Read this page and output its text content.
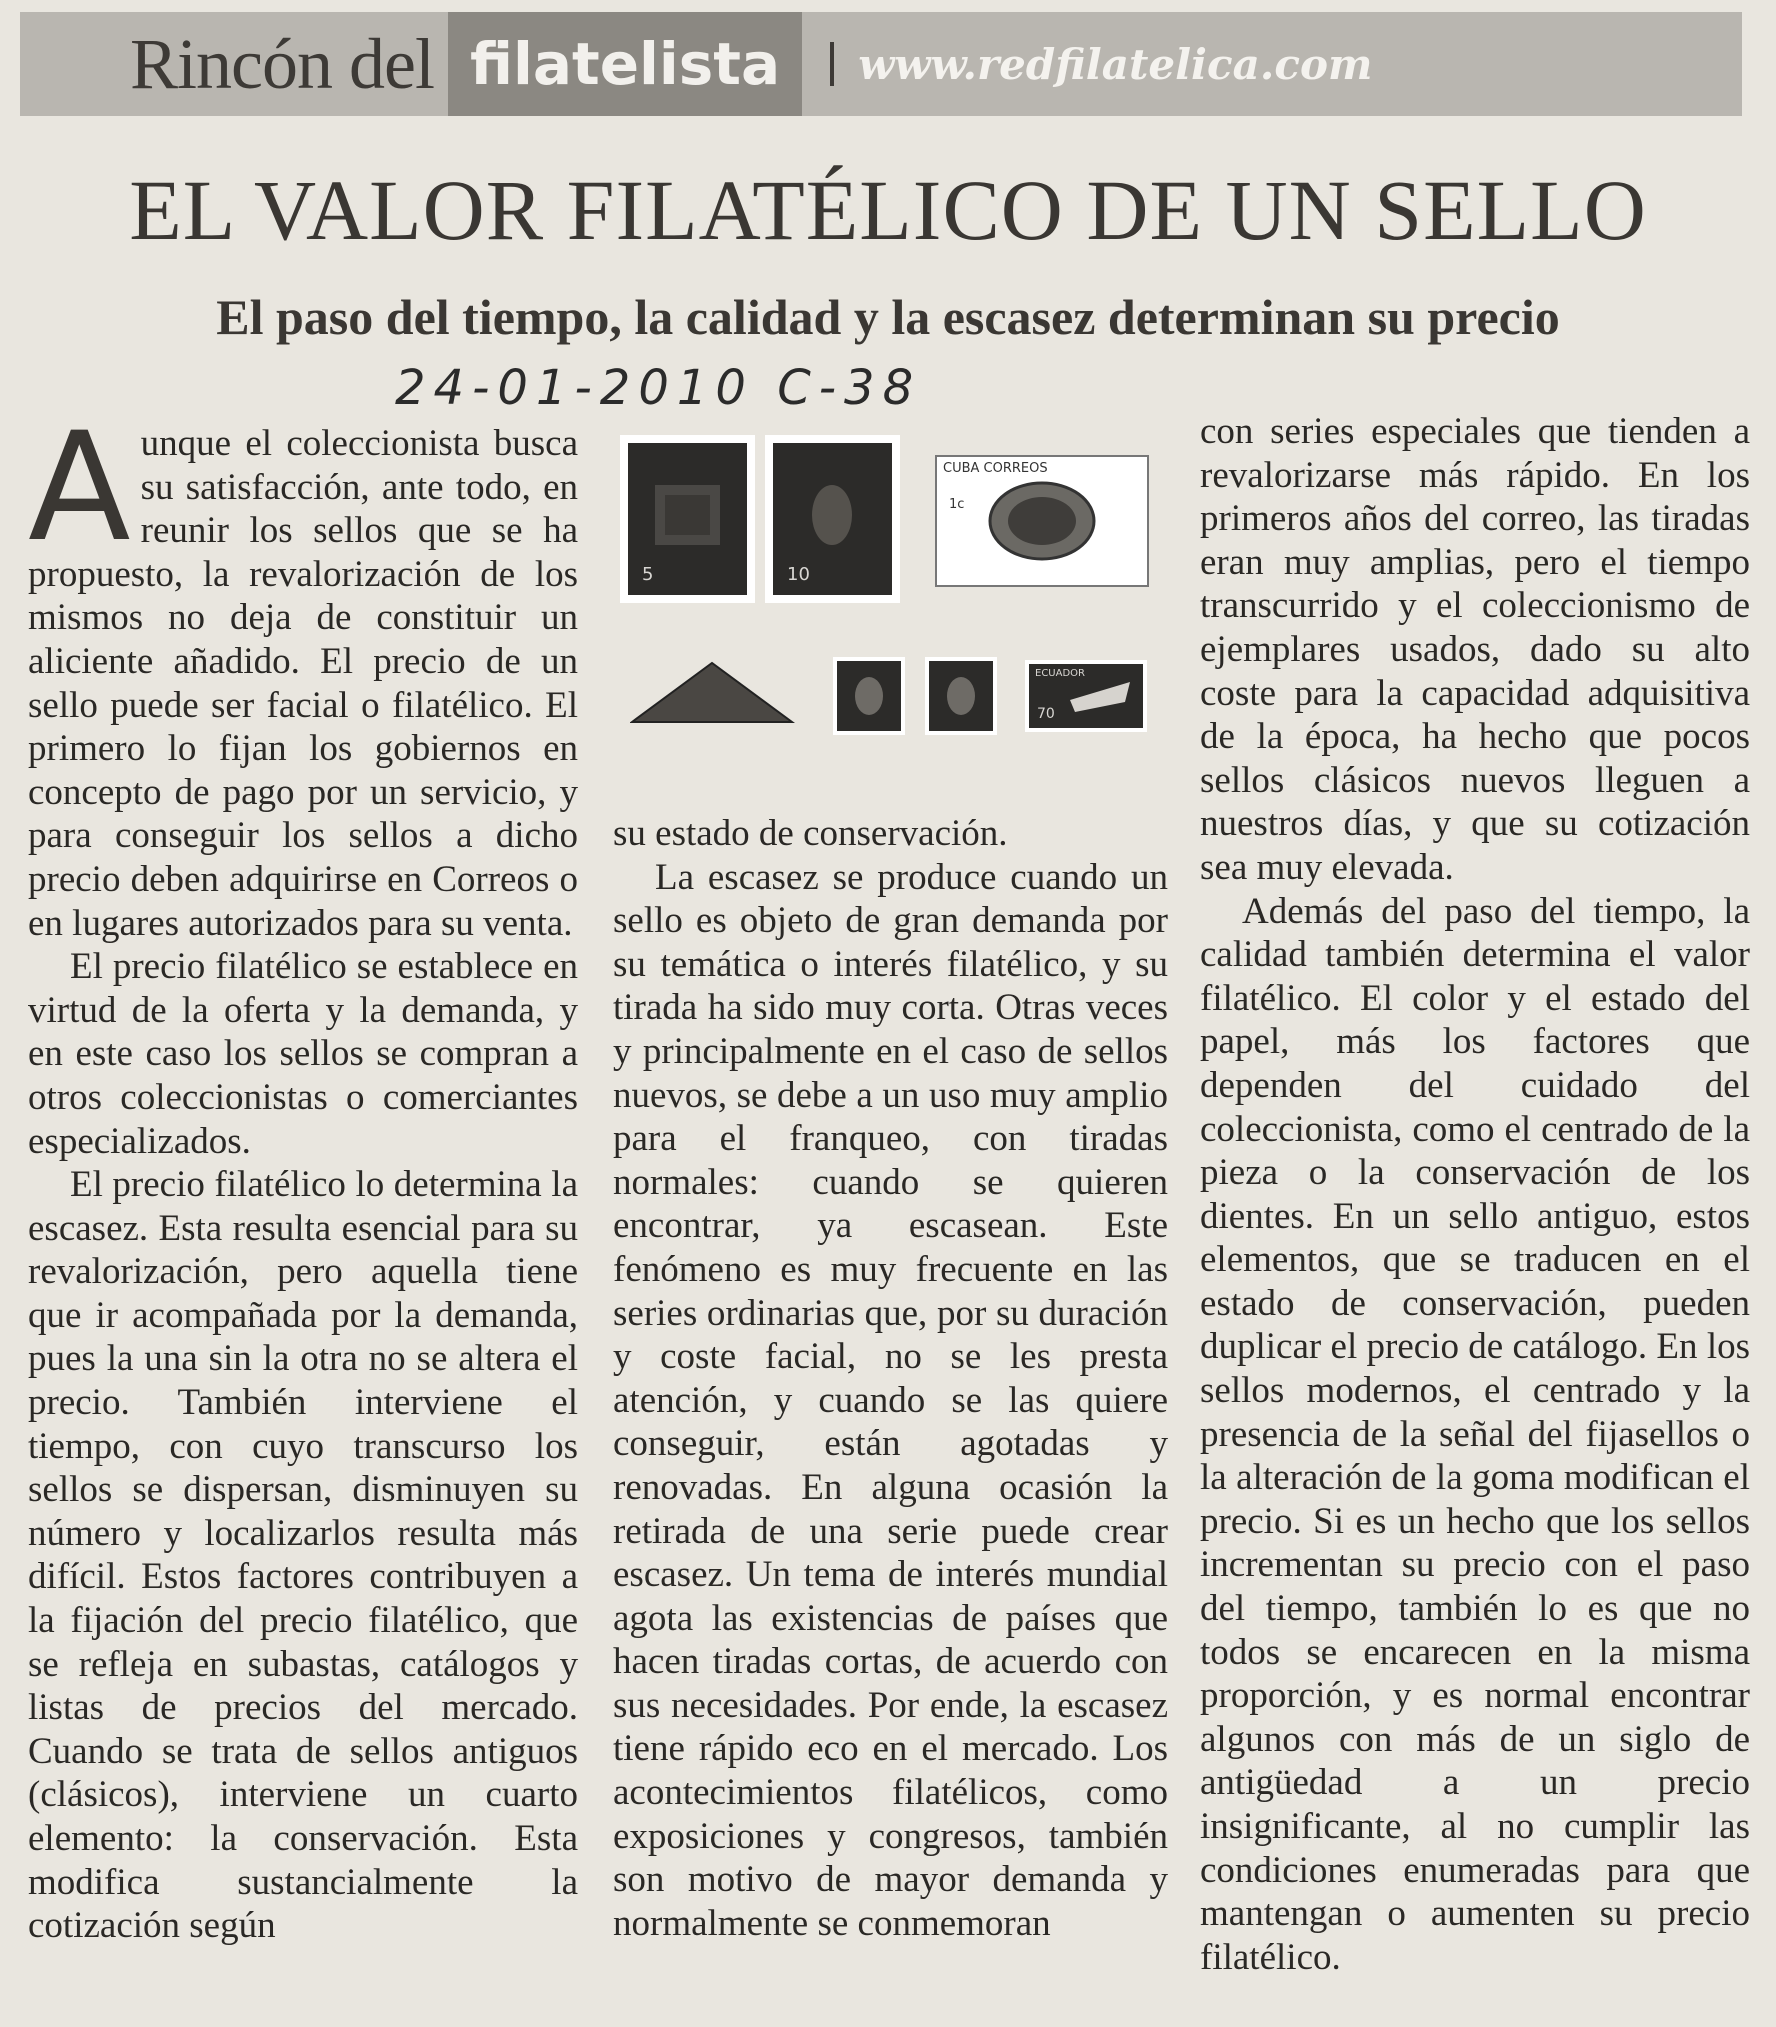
Rincón del filatelista	www.redfilatelica.com
EL VALOR FILATÉLICO DE UN SELLO
El paso del tiempo, la calidad y la escasez determinan su precio
24-01-2010 C-38

Aunque el coleccionista busca su satisfacción, ante todo, en reunir los sellos que se ha propuesto, la revalorización de los mismos no deja de constituir un aliciente añadido. El precio de un sello puede ser facial o filatélico. El primero lo fijan los gobiernos en concepto de pago por un servicio, y para conseguir los sellos a dicho precio deben adquirirse en Correos o en lugares autorizados para su venta.

El precio filatélico se establece en virtud de la oferta y la demanda, y en este caso los sellos se compran a otros coleccionistas o comerciantes especializados.

El precio filatélico lo determina la escasez. Esta resulta esencial para su revalorización, pero aquella tiene que ir acompañada por la demanda, pues la una sin la otra no se altera el precio. También interviene el tiempo, con cuyo transcurso los sellos se dispersan, disminuyen su número y localizarlos resulta más difícil. Estos factores contribuyen a la fijación del precio filatélico, que se refleja en subastas, catálogos y listas de precios del mercado. Cuando se trata de sellos antiguos (clásicos), interviene un cuarto elemento: la conservación. Esta modifica sustancialmente la cotización según

5	10
CUBA CORREOS
1c
ECUADOR
70

su estado de conservación.

La escasez se produce cuando un sello es objeto de gran demanda por su temática o interés filatélico, y su tirada ha sido muy corta. Otras veces y principalmente en el caso de sellos nuevos, se debe a un uso muy amplio para el franqueo, con tiradas normales: cuando se quieren encontrar, ya escasean. Este fenómeno es muy frecuente en las series ordinarias que, por su duración y coste facial, no se les presta atención, y cuando se las quiere conseguir, están agotadas y renovadas. En alguna ocasión la retirada de una serie puede crear escasez. Un tema de interés mundial agota las existencias de países que hacen tiradas cortas, de acuerdo con sus necesidades. Por ende, la escasez tiene rápido eco en el mercado. Los acontecimientos filatélicos, como exposiciones y congresos, también son motivo de mayor demanda y normalmente se conmemoran

con series especiales que tienden a revalorizarse más rápido. En los primeros años del correo, las tiradas eran muy amplias, pero el tiempo transcurrido y el coleccionismo de ejemplares usados, dado su alto coste para la capacidad adquisitiva de la época, ha hecho que pocos sellos clásicos nuevos lleguen a nuestros días, y que su cotización sea muy elevada.

Además del paso del tiempo, la calidad también determina el valor filatélico. El color y el estado del papel, más los factores que dependen del cuidado del coleccionista, como el centrado de la pieza o la conservación de los dientes. En un sello antiguo, estos elementos, que se traducen en el estado de conservación, pueden duplicar el precio de catálogo. En los sellos modernos, el centrado y la presencia de la señal del fijasellos o la alteración de la goma modifican el precio. Si es un hecho que los sellos incrementan su precio con el paso del tiempo, también lo es que no todos se encarecen en la misma proporción, y es normal encontrar algunos con más de un siglo de antigüedad a un precio insignificante, al no cumplir las condiciones enumeradas para que mantengan o aumenten su precio filatélico.
